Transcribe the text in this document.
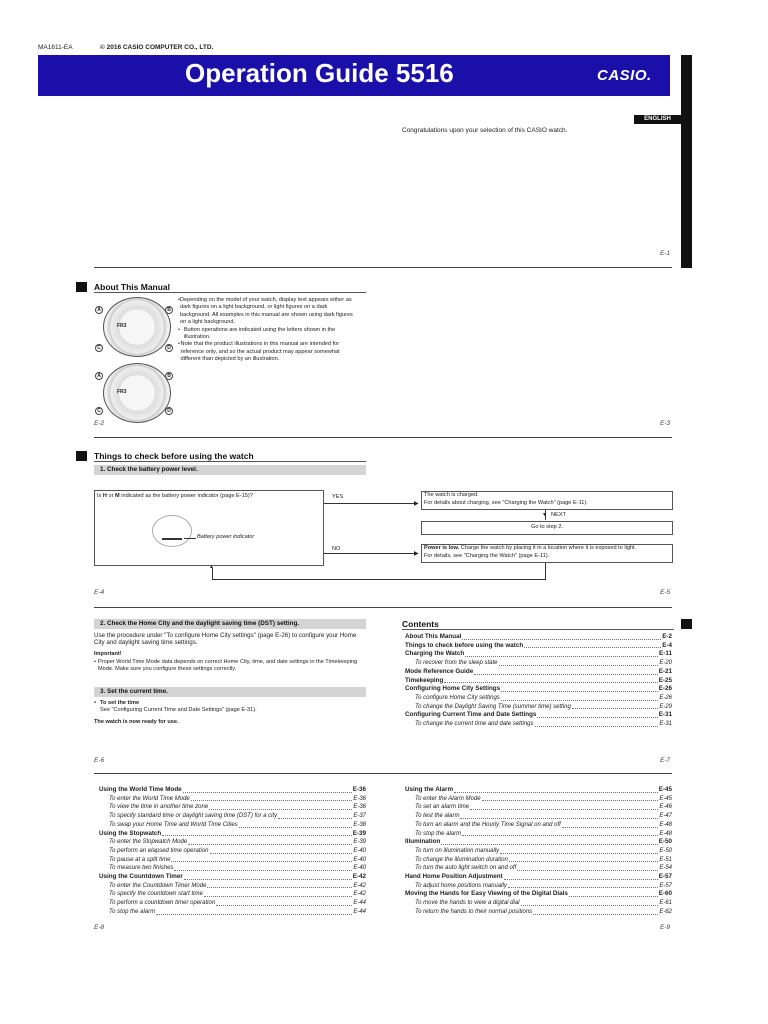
MA1611-EA	© 2016 CASIO COMPUTER CO., LTD.
Operation Guide 5516	CASIO.
ENGLISH
Congratulations upon your selection of this CASIO watch.
E-1
About This Manual
FR3
FR3
A	B
C	D
A	B
C	D
• Depending on the model of your watch, display text appears either as dark figures on a light background, or light figures on a dark background. All examples in this manual are shown using dark figures on a light background.
• Button operations are indicated using the letters shown in the illustration.
• Note that the product illustrations in this manual are intended for reference only, and so the actual product may appear somewhat different than depicted by an illustration.
E-2	E-3
Things to check before using the watch
1. Check the battery power level.
Is H or M indicated as the battery power indicator (page E-15)?
Battery power indicator
▶
YES	The watch is charged.
For details about charging, see "Charging the Watch" (page E-11).
▼ NEXT
Go to step 2.
▶
NO	Power is low. Charge the watch by placing it in a location where it is exposed to light.
For details, see "Charging the Watch" (page E-11).
▲
E-4	E-5
2. Check the Home City and the daylight saving time (DST) setting.
Use the procedure under "To configure Home City settings" (page E-26) to configure your Home City and daylight saving time settings.
Important!
• Proper World Time Mode data depends on correct Home City, time, and date settings in the Timekeeping Mode. Make sure you configure these settings correctly.
3. Set the current time.
• To set the time
See "Configuring Current Time and Date Settings" (page E-31).
The watch is now ready for use.
E-6
Contents
About This Manual	E-2
Things to check before using the watch	E-4
Charging the Watch	E-11
To recover from the sleep state	E-20
Mode Reference Guide	E-21
Timekeeping	E-25
Configuring Home City Settings	E-26
To configure Home City settings	E-26
To change the Daylight Saving Time (summer time) setting	E-29
Configuring Current Time and Date Settings	E-31
To change the current time and date settings	E-31
E-7
Using the World Time Mode	E-36
To enter the World Time Mode	E-36
To view the time in another time zone	E-36
To specify standard time or daylight saving time (DST) for a city	E-37
To swap your Home Time and World Time Cities	E-38
Using the Stopwatch	E-39
To enter the Stopwatch Mode	E-39
To perform an elapsed time operation	E-40
To pause at a split time	E-40
To measure two finishes	E-40
Using the Countdown Timer	E-42
To enter the Countdown Timer Mode	E-42
To specify the countdown start time	E-42
To perform a countdown timer operation	E-44
To stop the alarm	E-44
Using the Alarm	E-45
To enter the Alarm Mode	E-45
To set an alarm time	E-46
To test the alarm	E-47
To turn an alarm and the Hourly Time Signal on and off	E-48
To stop the alarm	E-48
Illumination	E-50
To turn on illumination manually	E-50
To change the illumination duration	E-51
To turn the auto light switch on and off	E-54
Hand Home Position Adjustment	E-57
To adjust home positions manually	E-57
Moving the Hands for Easy Viewing of the Digital Dials	E-60
To move the hands to view a digital dial	E-61
To return the hands to their normal positions	E-62
E-8	E-9
